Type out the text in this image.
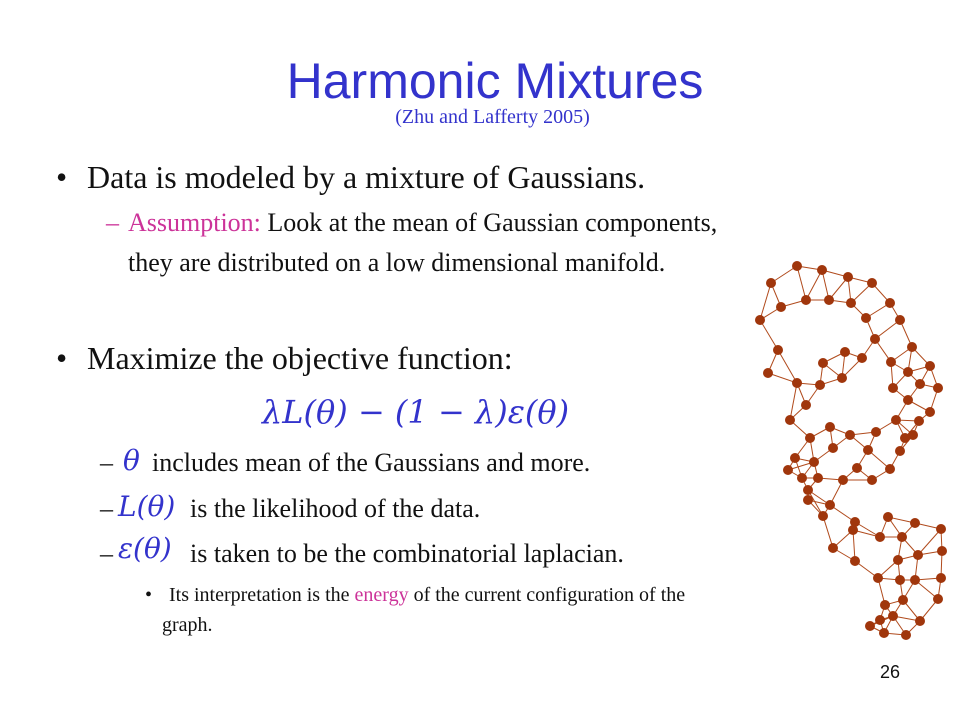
Harmonic Mixtures
(Zhu and Lafferty 2005)
• Data is modeled by a mixture of Gaussians.
– Assumption: Look at the mean of Gaussian components,
they are distributed on a low dimensional manifold.
• Maximize the objective function:
λL(θ) − (1 − λ)ε(θ)
– θ includes mean of the Gaussians and more.
– L(θ) is the likelihood of the data.
– ε(θ) is taken to be the combinatorial laplacian.
• Its interpretation is the energy of the current configuration of the
graph.
26
